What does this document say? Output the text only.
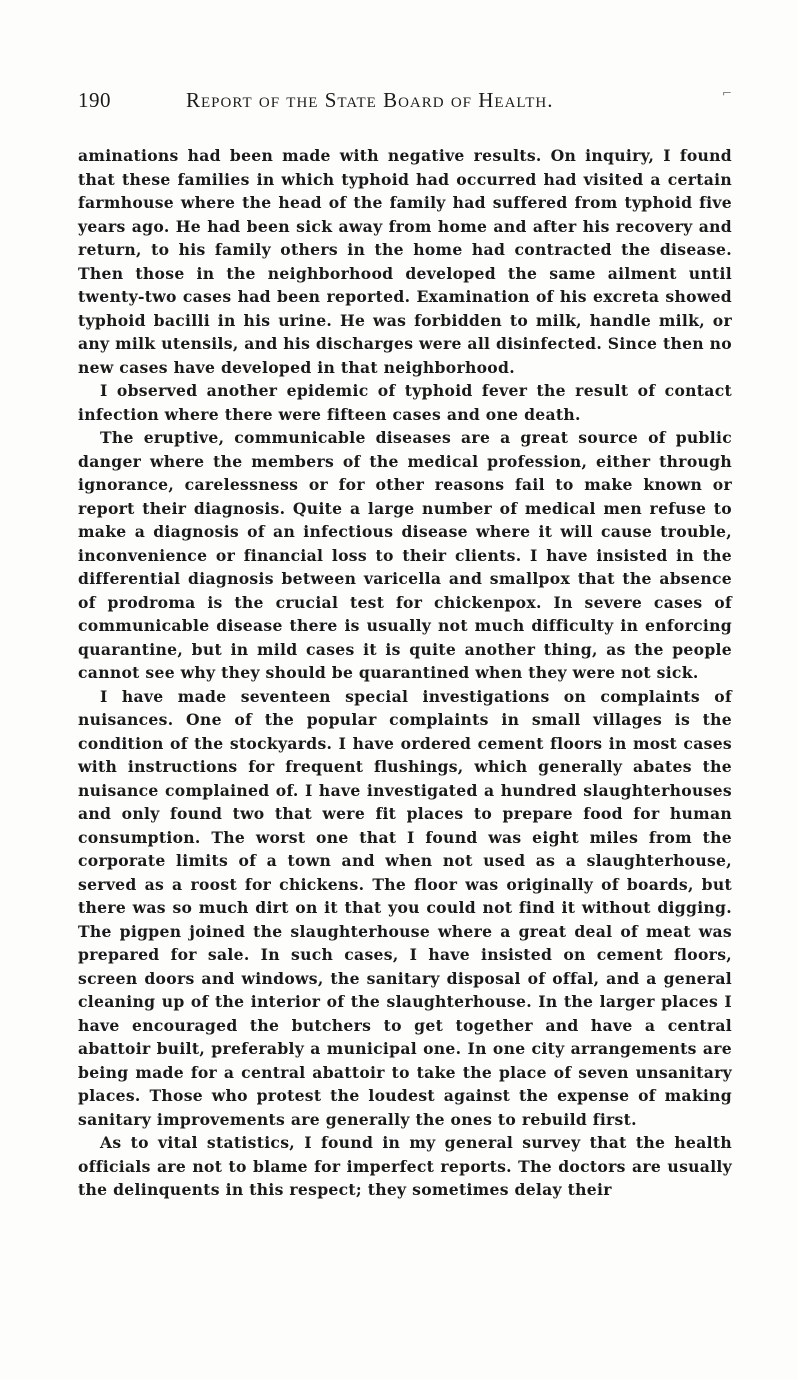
190	Report of the State Board of Health.	⌐

aminations had been made with negative results. On inquiry, I found that these families in which typhoid had occurred had visited a certain farmhouse where the head of the family had suffered from typhoid five years ago. He had been sick away from home and after his recovery and return, to his family others in the home had contracted the disease. Then those in the neighborhood developed the same ailment until twenty-two cases had been reported. Examination of his excreta showed typhoid bacilli in his urine. He was forbidden to milk, handle milk, or any milk utensils, and his discharges were all disinfected. Since then no new cases have developed in that neighborhood.

I observed another epidemic of typhoid fever the result of contact infection where there were fifteen cases and one death.

The eruptive, communicable diseases are a great source of public danger where the members of the medical profession, either through ignorance, carelessness or for other reasons fail to make known or report their diagnosis. Quite a large number of medical men refuse to make a diagnosis of an infectious disease where it will cause trouble, inconvenience or financial loss to their clients. I have insisted in the differential diagnosis between varicella and smallpox that the absence of prodroma is the crucial test for chickenpox. In severe cases of communicable disease there is usually not much difficulty in enforcing quarantine, but in mild cases it is quite another thing, as the people cannot see why they should be quarantined when they were not sick.

I have made seventeen special investigations on complaints of nuisances. One of the popular complaints in small villages is the condition of the stockyards. I have ordered cement floors in most cases with instructions for frequent flushings, which generally abates the nuisance complained of. I have investigated a hundred slaughterhouses and only found two that were fit places to prepare food for human consumption. The worst one that I found was eight miles from the corporate limits of a town and when not used as a slaughterhouse, served as a roost for chickens. The floor was originally of boards, but there was so much dirt on it that you could not find it without digging. The pigpen joined the slaughterhouse where a great deal of meat was prepared for sale. In such cases, I have insisted on cement floors, screen doors and windows, the sanitary disposal of offal, and a general cleaning up of the interior of the slaughterhouse. In the larger places I have encouraged the butchers to get together and have a central abattoir built, preferably a municipal one. In one city arrangements are being made for a central abattoir to take the place of seven unsanitary places. Those who protest the loudest against the expense of making sanitary improvements are generally the ones to rebuild first.

As to vital statistics, I found in my general survey that the health officials are not to blame for imperfect reports. The doctors are usually the delinquents in this respect; they sometimes delay their
